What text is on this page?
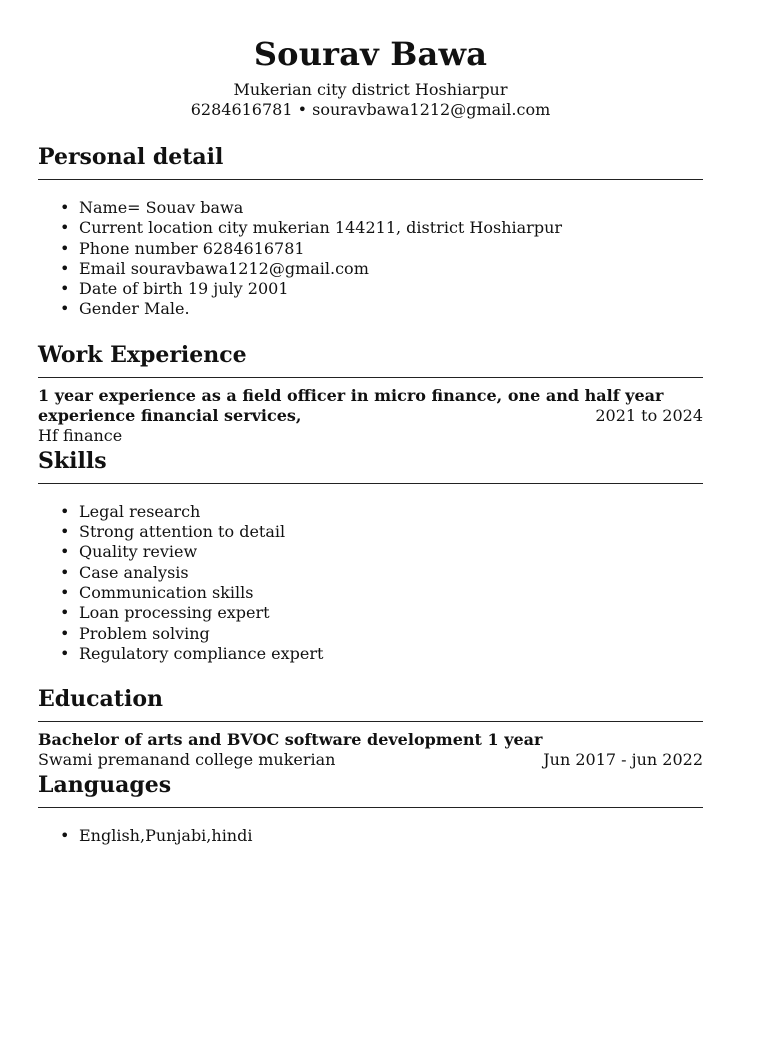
Sourav Bawa
Mukerian city district Hoshiarpur
6284616781 • souravbawa1212@gmail.com
Personal detail
• Name= Souav bawa
• Current location city mukerian 144211, district Hoshiarpur
• Phone number 6284616781
• Email souravbawa1212@gmail.com
• Date of birth 19 july 2001
• Gender Male.
Work Experience
1 year experience as a field officer in micro finance, one and half year
experience financial services,	2021 to 2024
Hf finance
Skills
• Legal research
• Strong attention to detail
• Quality review
• Case analysis
• Communication skills
• Loan processing expert
• Problem solving
• Regulatory compliance expert
Education
Bachelor of arts and BVOC software development 1 year
Swami premanand college mukerian	Jun 2017 - jun 2022
Languages
• English,Punjabi,hindi
